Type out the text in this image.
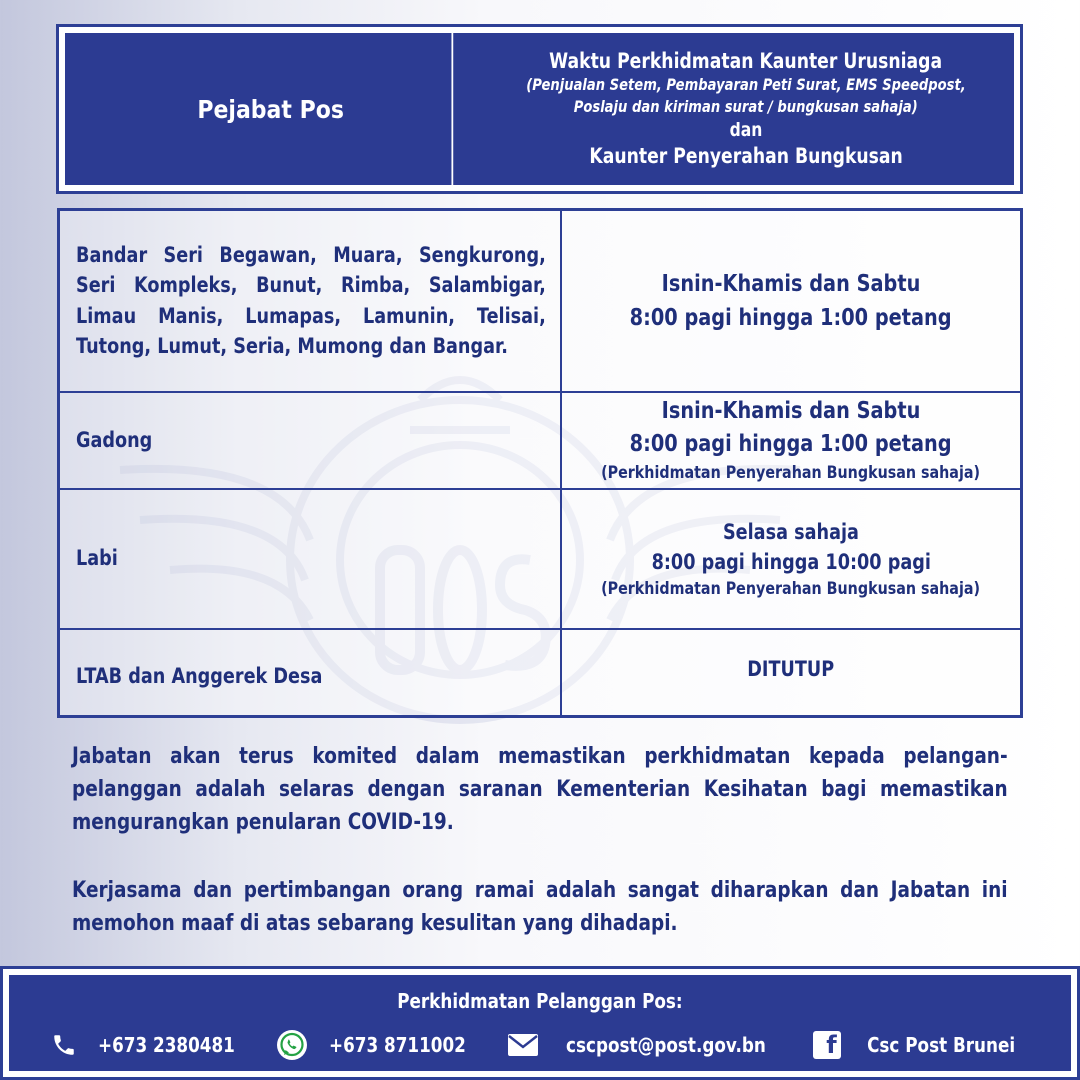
Pejabat Pos
Waktu Perkhidmatan Kaunter Urusniaga
(Penjualan Setem, Pembayaran Peti Surat, EMS Speedpost,
Poslaju dan kiriman surat / bungkusan sahaja)
dan
Kaunter Penyerahan Bungkusan
Bandar Seri Begawan, Muara, Sengkurong, Seri Kompleks, Bunut, Rimba, Salambigar, Limau Manis, Lumapas, Lamunin, Telisai, Tutong, Lumut, Seria, Mumong dan Bangar.	Isnin-Khamis dan Sabtu
8:00 pagi hingga 1:00 petang

Gadong	Isnin-Khamis dan Sabtu
8:00 pagi hingga 1:00 petang
(Perkhidmatan Penyerahan Bungkusan sahaja)

Labi	Selasa sahaja
8:00 pagi hingga 10:00 pagi
(Perkhidmatan Penyerahan Bungkusan sahaja)

LTAB dan Anggerek Desa	DITUTUP
Jabatan akan terus komited dalam memastikan perkhidmatan kepada pelangan-pelanggan adalah selaras dengan saranan Kementerian Kesihatan bagi memastikan mengurangkan penularan COVID-19.
Kerjasama dan pertimbangan orang ramai adalah sangat diharapkan dan Jabatan ini memohon maaf di atas sebarang kesulitan yang dihadapi.
Perkhidmatan Pelanggan Pos:
+673 2380481	+673 8711002	cscpost@post.gov.bn	f Csc Post Brunei
